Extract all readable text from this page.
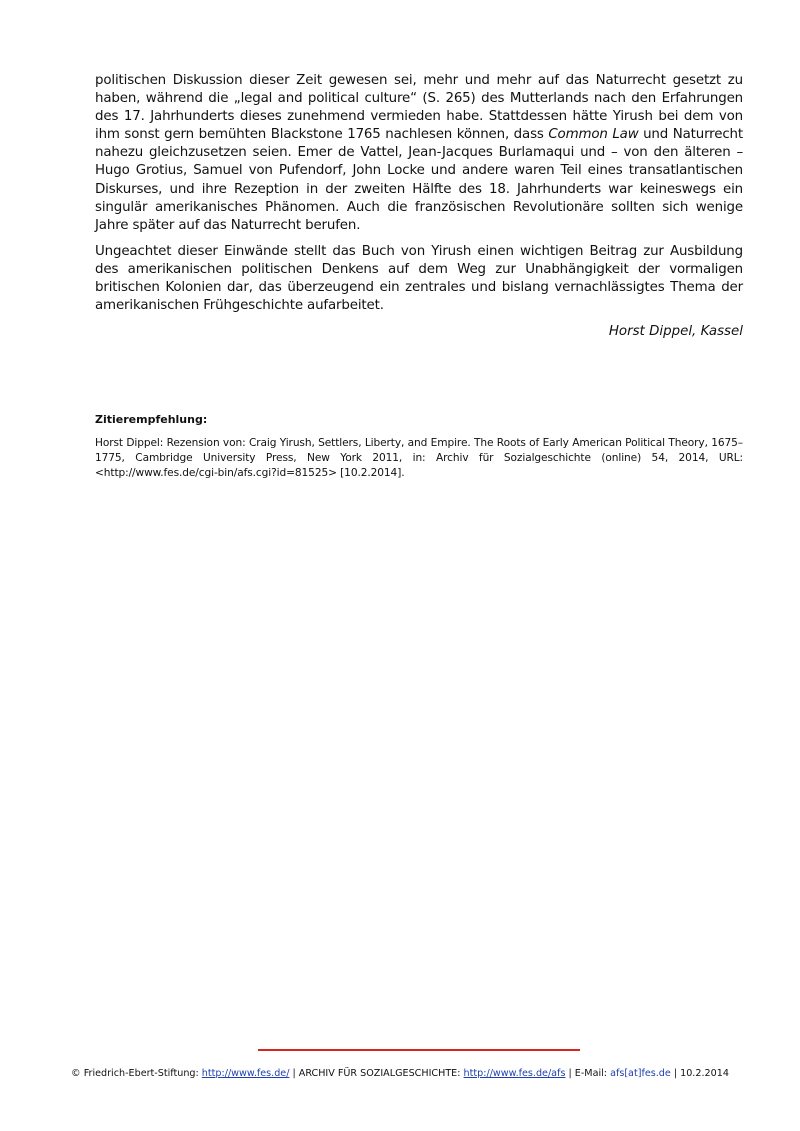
politischen Diskussion dieser Zeit gewesen sei, mehr und mehr auf das Naturrecht gesetzt zu haben, während die „legal and political culture“ (S. 265) des Mutterlands nach den Erfahrungen des 17. Jahrhunderts dieses zunehmend vermieden habe. Stattdessen hätte Yirush bei dem von ihm sonst gern bemühten Blackstone 1765 nachlesen können, dass Common Law und Naturrecht nahezu gleichzusetzen seien. Emer de Vattel, Jean-Jacques Burlamaqui und – von den älteren – Hugo Grotius, Samuel von Pufendorf, John Locke und andere waren Teil eines transatlantischen Diskurses, und ihre Rezeption in der zweiten Hälfte des 18. Jahrhunderts war keineswegs ein singulär amerikanisches Phänomen. Auch die französischen Revolutionäre sollten sich wenige Jahre später auf das Naturrecht berufen.

Ungeachtet dieser Einwände stellt das Buch von Yirush einen wichtigen Beitrag zur Ausbildung des amerikanischen politischen Denkens auf dem Weg zur Unabhängigkeit der vormaligen britischen Kolonien dar, das überzeugend ein zentrales und bislang vernachlässigtes Thema der amerikanischen Frühgeschichte aufarbeitet.

Horst Dippel, Kassel

Zitierempfehlung:
Horst Dippel: Rezension von: Craig Yirush, Settlers, Liberty, and Empire. The Roots of Early American Political Theory, 1675–1775, Cambridge University Press, New York 2011, in: Archiv für Sozialgeschichte (online) 54, 2014, URL: <http://www.fes.de/cgi-bin/afs.cgi?id=81525> [10.2.2014].
© Friedrich-Ebert-Stiftung: http://www.fes.de/ | ARCHIV FÜR SOZIALGESCHICHTE: http://www.fes.de/afs | E-Mail: afs[at]fes.de | 10.2.2014
